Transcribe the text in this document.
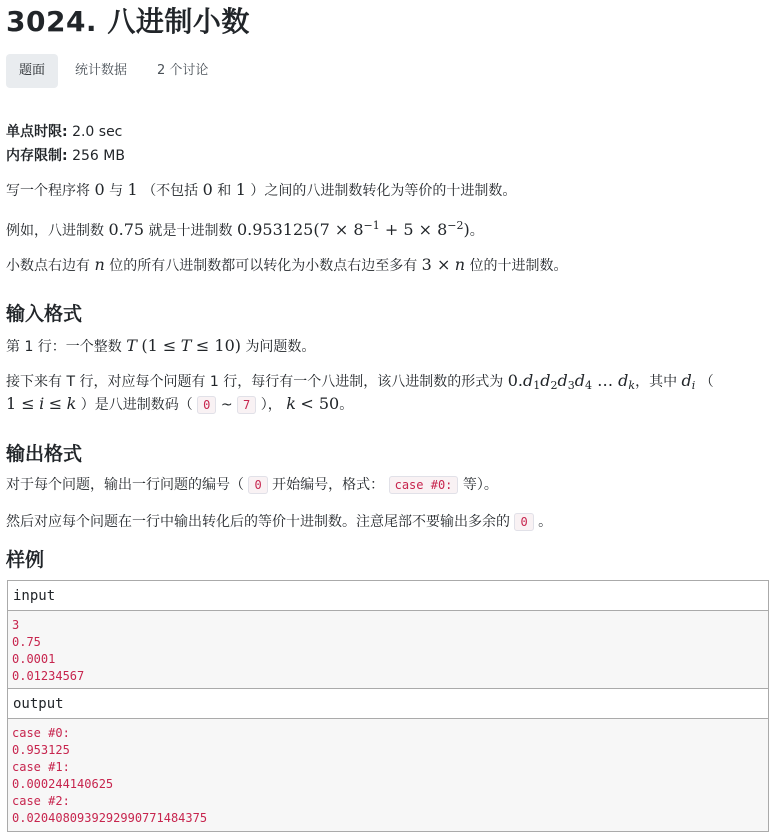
3024. 八进制小数
题面	统计数据	2 个讨论
单点时限: 2.0 sec
内存限制: 256 MB
写一个程序将 0 与 1 （不包括 0 和 1 ）之间的八进制数转化为等价的十进制数。
例如，八进制数 0.75 就是十进制数 $0.953125(7 \times 8^{-1} + 5 \times 8^{-2})$。
小数点右边有 n 位的所有八进制数都可以转化为小数点右边至多有 3 × n 位的十进制数。
输入格式
第 1 行：一个整数 T (1 ≤ T ≤ 10) 为问题数。
接下来有 T 行，对应每个问题有 1 行，每行有一个八进制，该八进制数的形式为 $0.d_1d_2d_3d_4$ … $d_k$，其中 $d_i$ （
1 ≤ i ≤ k ）是八进制数码（ 0 ~ 7 ）， k < 50。
输出格式
对于每个问题，输出一行问题的编号（ 0 开始编号，格式： case #0: 等）。
然后对应每个问题在一行中输出转化后的等价十进制数。注意尾部不要输出多余的 0 。
样例
input
3
0.75
0.0001
0.01234567
output
case #0:
0.953125
case #1:
0.000244140625
case #2:
0.0204080939292990771484375
